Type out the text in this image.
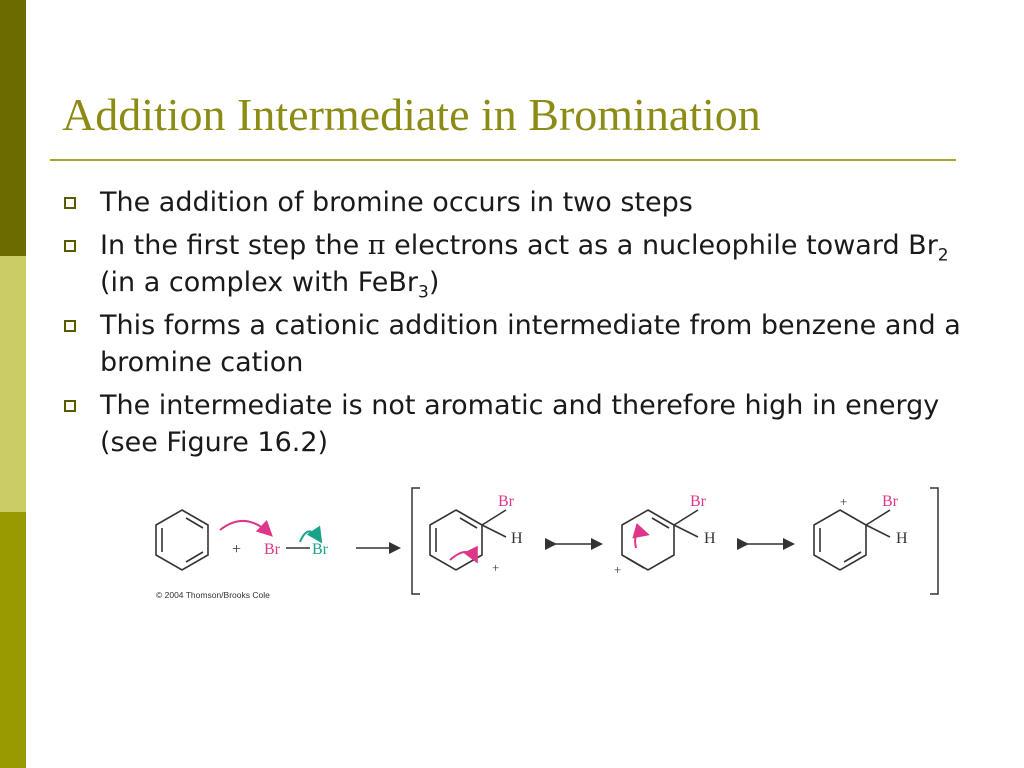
Addition Intermediate in Bromination
The addition of bromine occurs in two steps
In the first step the π electrons act as a nucleophile toward $Br_2$ (in a complex with FeBr$_3$)
This forms a cationic addition intermediate from benzene and a bromine cation
The intermediate is not aromatic and therefore high in energy (see Figure 16.2)
+ Br Br
Br
H
+
Br
H
+
+ Br
H
© 2004 Thomson/Brooks Cole
